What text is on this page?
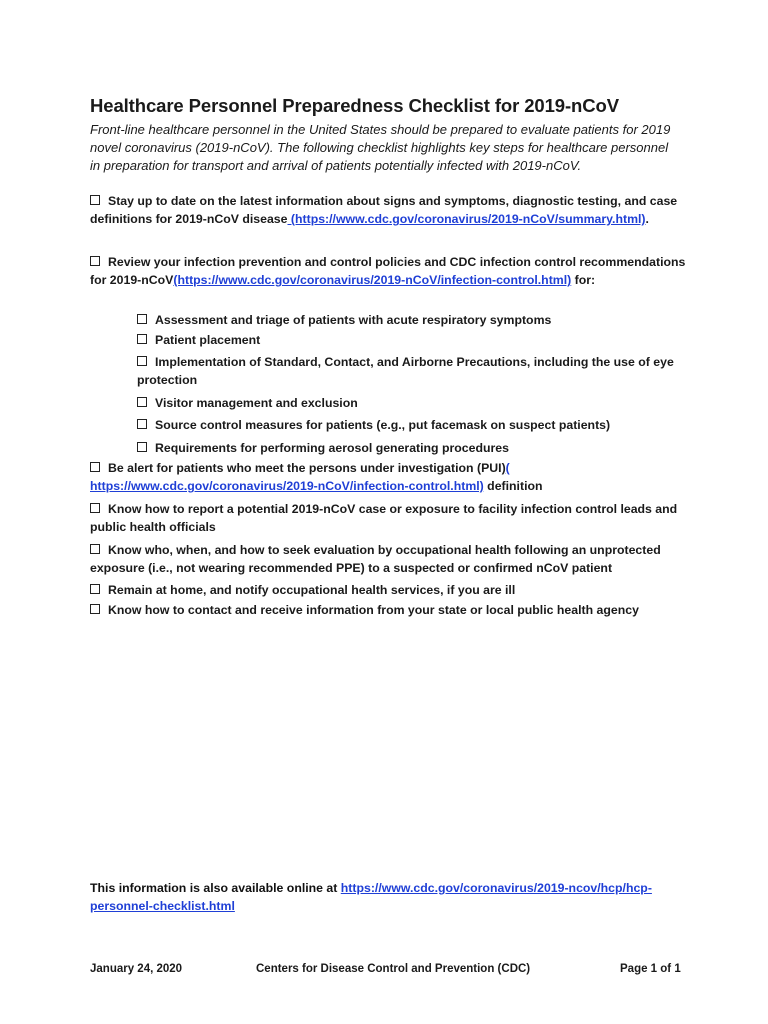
Healthcare Personnel Preparedness Checklist for 2019-nCoV
Front-line healthcare personnel in the United States should be prepared to evaluate patients for 2019 novel coronavirus (2019-nCoV). The following checklist highlights key steps for healthcare personnel in preparation for transport and arrival of patients potentially infected with 2019-nCoV.
Stay up to date on the latest information about signs and symptoms, diagnostic testing, and case definitions for 2019-nCoV disease (https://www.cdc.gov/coronavirus/2019-nCoV/summary.html).
Review your infection prevention and control policies and CDC infection control recommendations for 2019-nCoV(https://www.cdc.gov/coronavirus/2019-nCoV/infection-control.html) for:
Assessment and triage of patients with acute respiratory symptoms
Patient placement
Implementation of Standard, Contact, and Airborne Precautions, including the use of eye protection
Visitor management and exclusion
Source control measures for patients (e.g., put facemask on suspect patients)
Requirements for performing aerosol generating procedures
Be alert for patients who meet the persons under investigation (PUI)( https://www.cdc.gov/coronavirus/2019-nCoV/infection-control.html) definition
Know how to report a potential 2019-nCoV case or exposure to facility infection control leads and public health officials
Know who, when, and how to seek evaluation by occupational health following an unprotected exposure (i.e., not wearing recommended PPE) to a suspected or confirmed nCoV patient
Remain at home, and notify occupational health services, if you are ill
Know how to contact and receive information from your state or local public health agency
This information is also available online at https://www.cdc.gov/coronavirus/2019-ncov/hcp/hcp-personnel-checklist.html
January 24, 2020	Centers for Disease Control and Prevention (CDC)	Page 1 of 1
